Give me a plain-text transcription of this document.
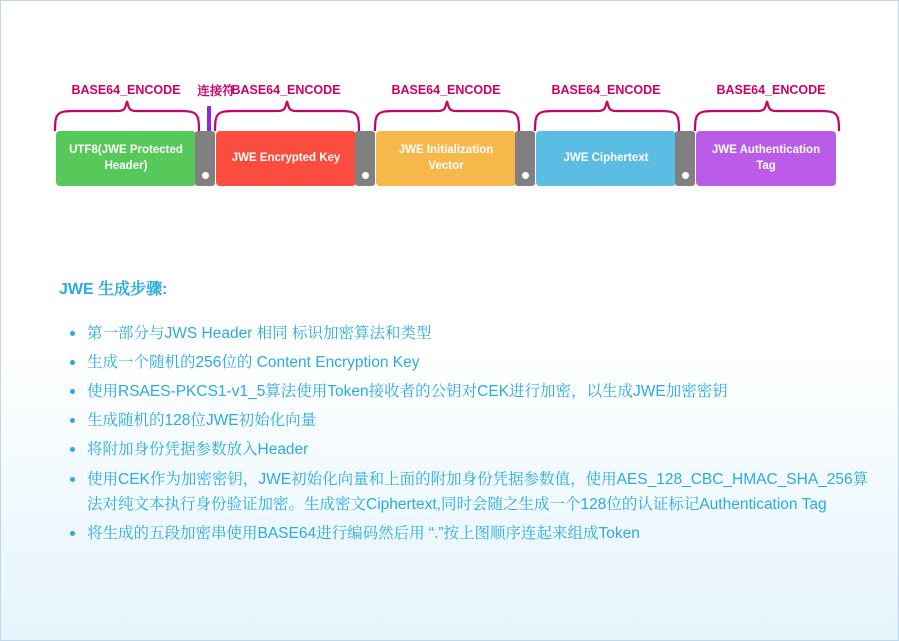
BASE64_ENCODE	连接符
BASE64_ENCODE	BASE64_ENCODE	BASE64_ENCODE	BASE64_ENCODE
UTF8(JWE Protected Header)
JWE Encrypted Key
JWE Initialization Vector
JWE Ciphertext
JWE Authentication Tag
JWE 生成步骤:
第一部分与JWS Header 相同 标识加密算法和类型
生成一个随机的256位的 Content Encryption Key
使用RSAES-PKCS1-v1_5算法使用Token接收者的公钥对CEK进行加密，以生成JWE加密密钥
生成随机的128位JWE初始化向量
将附加身份凭据参数放入Header
使用CEK作为加密密钥，JWE初始化向量和上面的附加身份凭据参数值，使用AES_128_CBC_HMAC_SHA_256算法对纯文本执行身份验证加密。生成密文Ciphertext,同时会随之生成一个128位的认证标记Authentication Tag
将生成的五段加密串使用BASE64进行编码然后用 “.”按上图顺序连起来组成Token
